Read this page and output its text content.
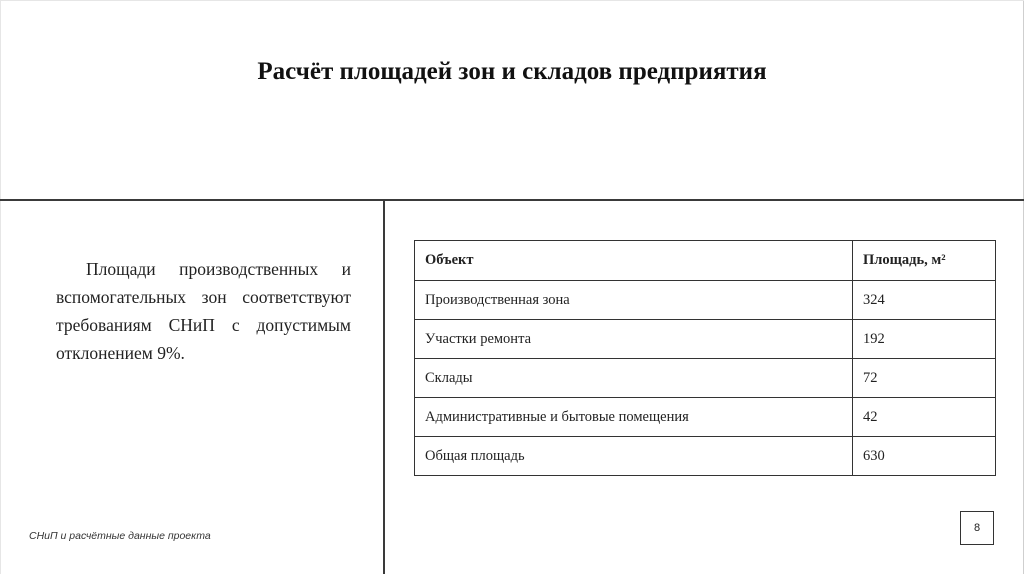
Расчёт площадей зон и складов предприятия
Площади производственных и вспомогательных зон соответствуют требованиям СНиП с допустимым отклонением 9%.
СНиП и расчётные данные проекта
Объект	Площадь, м²
Производственная зона	324
Участки ремонта	192
Склады	72
Административные и бытовые помещения	42
Общая площадь	630
8
